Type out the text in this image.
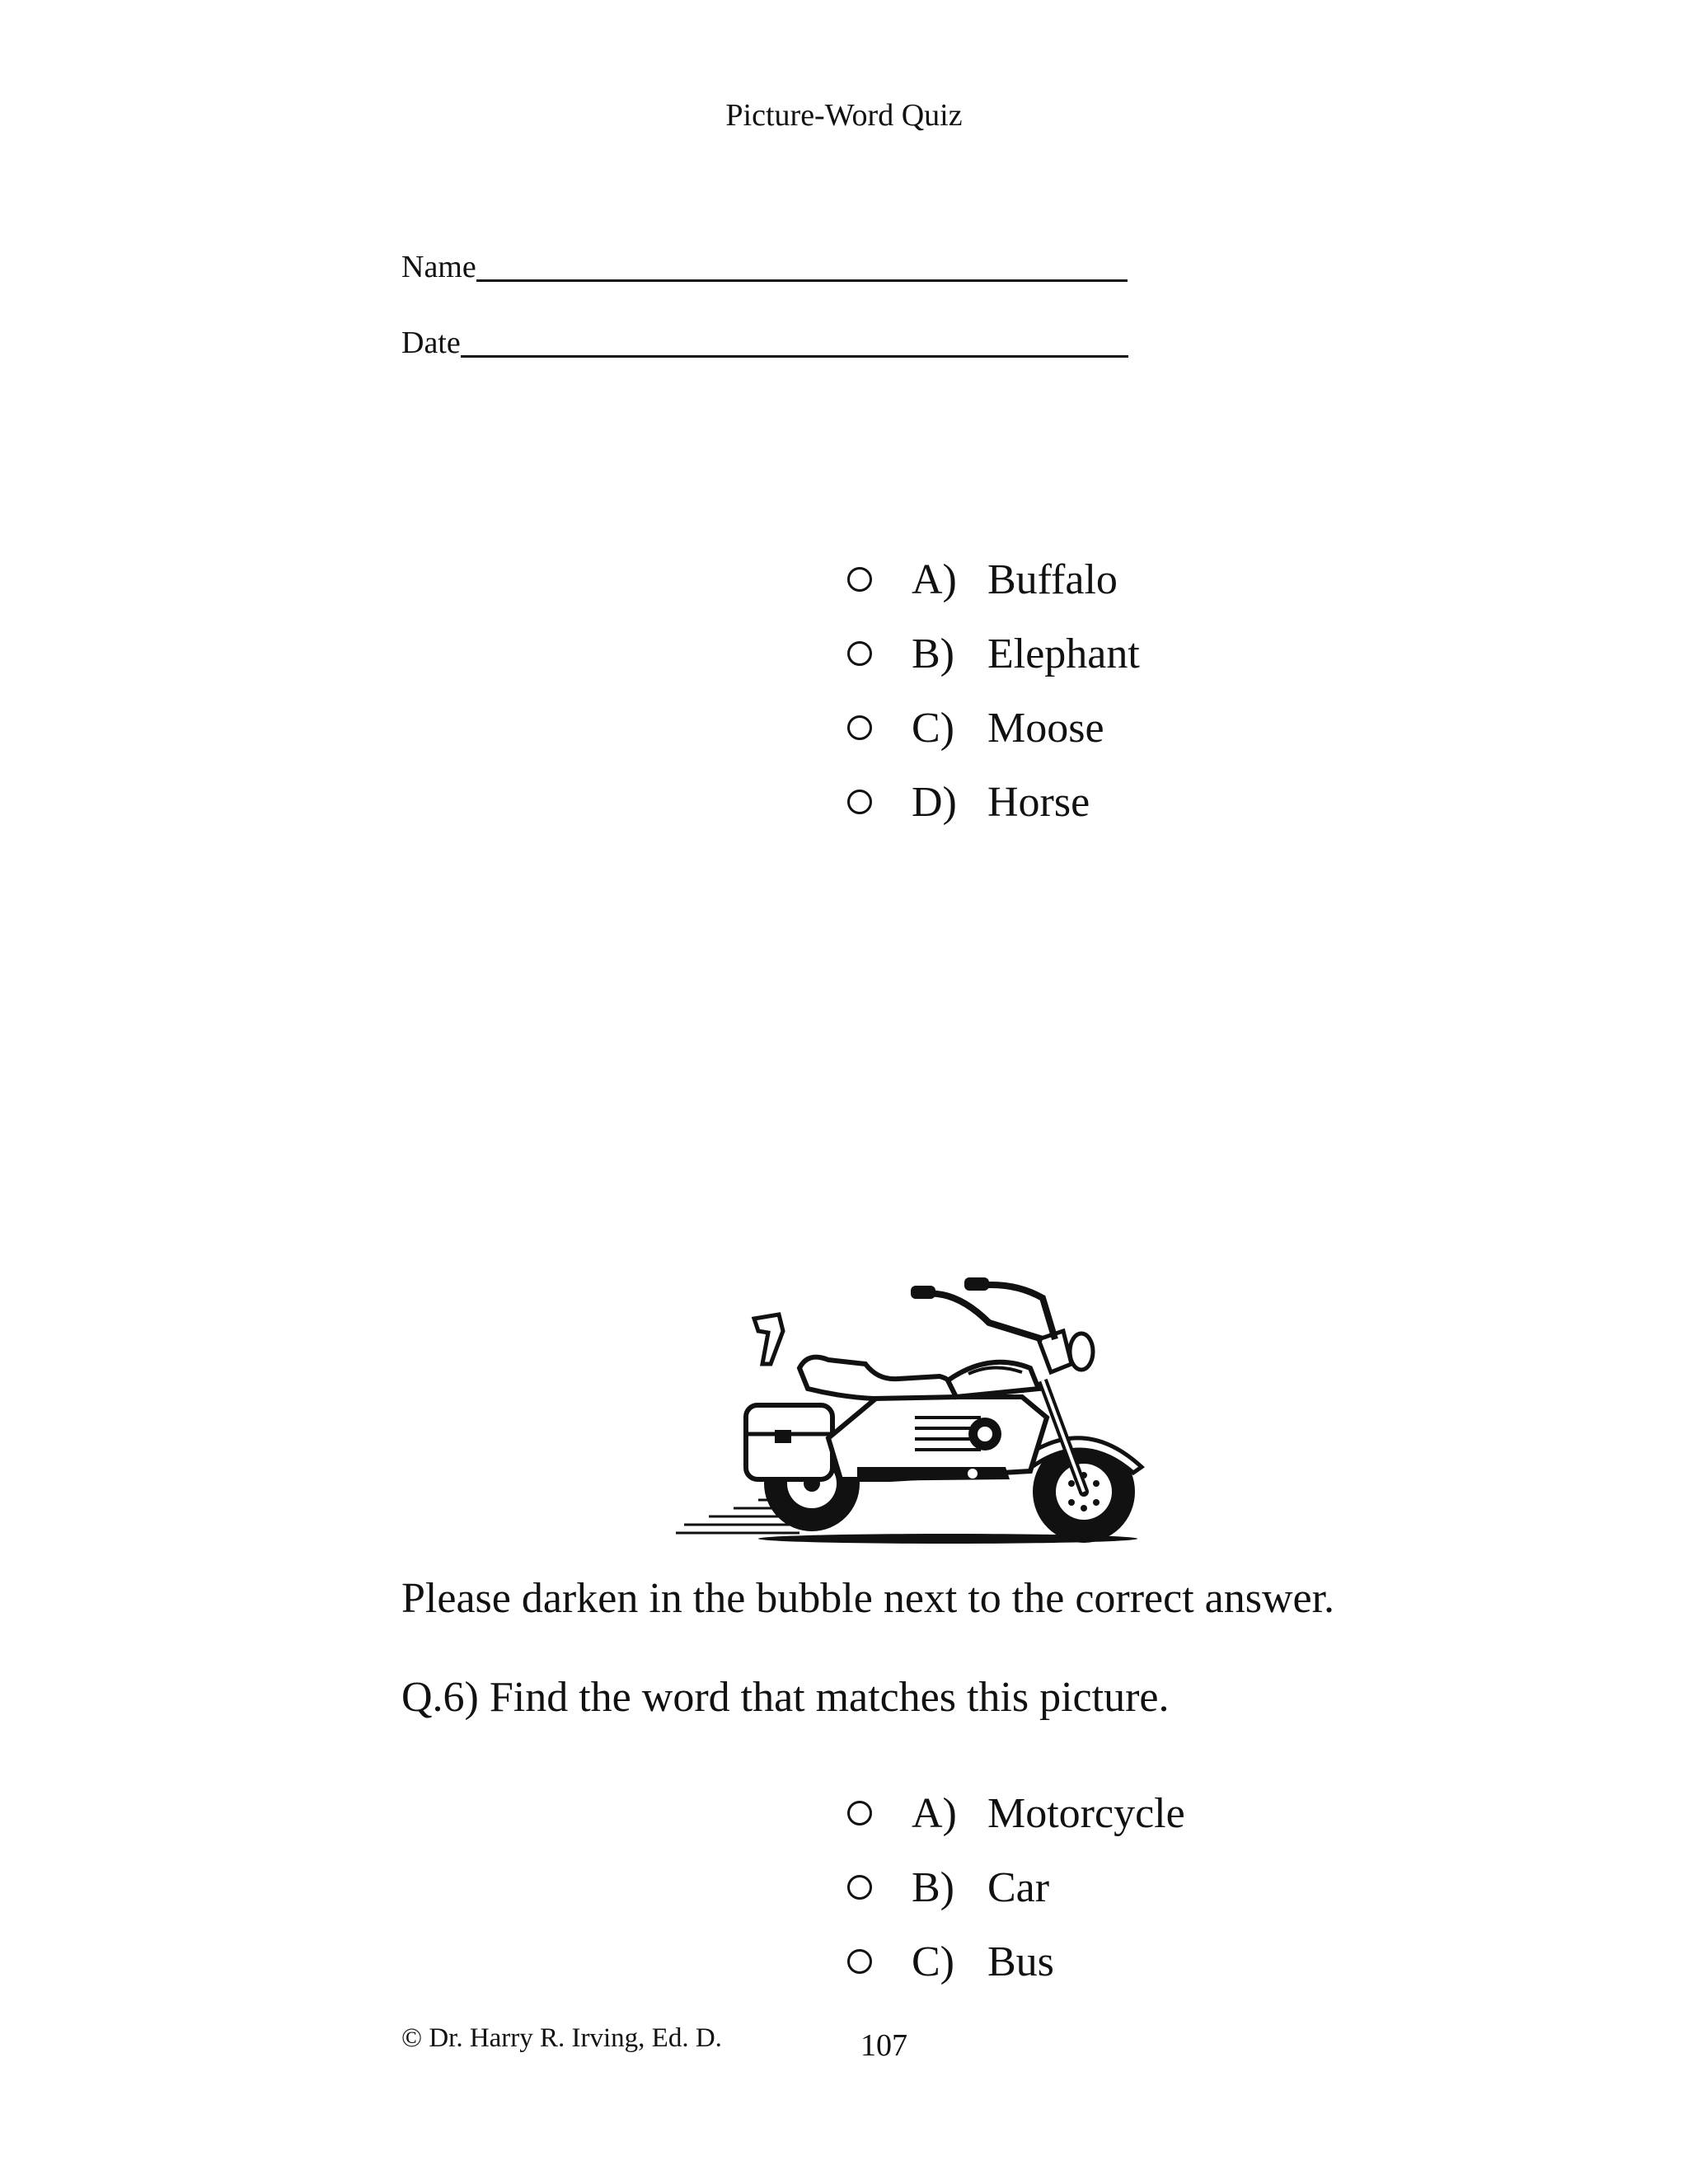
Picture-Word Quiz
Name
Date
A) Buffalo
B) Elephant
C) Moose
D) Horse
Please darken in the bubble next to the correct answer.
Q.6) Find the word that matches this picture.
A) Motorcycle
B) Car
C) Bus
© Dr. Harry R. Irving, Ed. D.	107
